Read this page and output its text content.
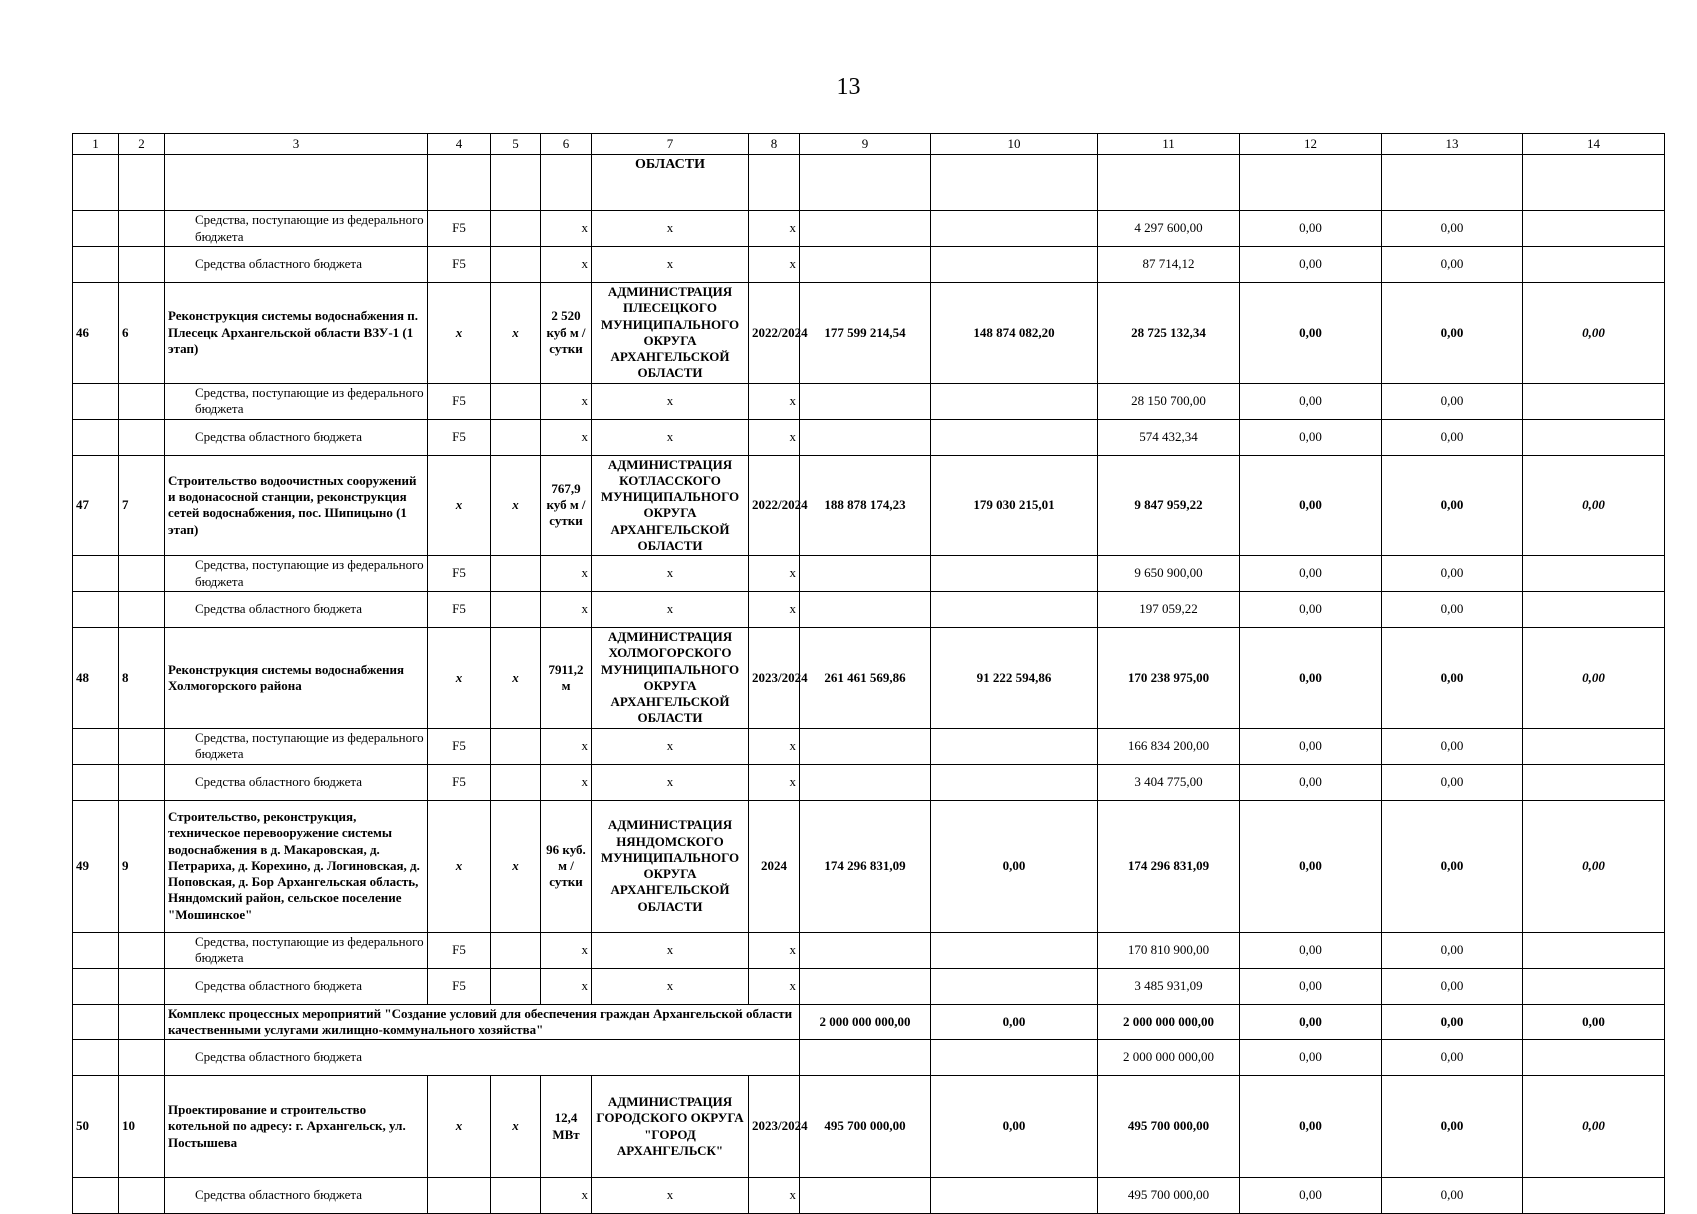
13
1	2	3	4	5	6	7	8	9	10	11	12	13	14
						ОБЛАСТИ							
		Средства, поступающие из федерального бюджета	F5		x	x	x			4 297 600,00	0,00	0,00	
		Средства областного бюджета	F5		x	x	x			87 714,12	0,00	0,00	
46	6	Реконструкция системы водоснабжения п. Плесецк Архангельской области ВЗУ-1 (1 этап)	x	x	2 520 куб м / сутки	АДМИНИСТРАЦИЯ ПЛЕСЕЦКОГО МУНИЦИПАЛЬНОГО ОКРУГА АРХАНГЕЛЬСКОЙ ОБЛАСТИ	2022/2024	177 599 214,54	148 874 082,20	28 725 132,34	0,00	0,00	0,00
		Средства, поступающие из федерального бюджета	F5		x	x	x			28 150 700,00	0,00	0,00	
		Средства областного бюджета	F5		x	x	x			574 432,34	0,00	0,00	
47	7	Строительство водоочистных сооружений и водонасосной станции, реконструкция сетей водоснабжения, пос. Шипицыно (1 этап)	x	x	767,9 куб м / сутки	АДМИНИСТРАЦИЯ КОТЛАССКОГО МУНИЦИПАЛЬНОГО ОКРУГА АРХАНГЕЛЬСКОЙ ОБЛАСТИ	2022/2024	188 878 174,23	179 030 215,01	9 847 959,22	0,00	0,00	0,00
		Средства, поступающие из федерального бюджета	F5		x	x	x			9 650 900,00	0,00	0,00	
		Средства областного бюджета	F5		x	x	x			197 059,22	0,00	0,00	
48	8	Реконструкция системы водоснабжения Холмогорского района	x	x	7911,2 м	АДМИНИСТРАЦИЯ ХОЛМОГОРСКОГО МУНИЦИПАЛЬНОГО ОКРУГА АРХАНГЕЛЬСКОЙ ОБЛАСТИ	2023/2024	261 461 569,86	91 222 594,86	170 238 975,00	0,00	0,00	0,00
		Средства, поступающие из федерального бюджета	F5		x	x	x			166 834 200,00	0,00	0,00	
		Средства областного бюджета	F5		x	x	x			3 404 775,00	0,00	0,00	
49	9	Строительство, реконструкция, техническое перевооружение системы водоснабжения в д. Макаровская, д. Петрариха, д. Корехино, д. Логиновская, д. Поповская, д. Бор Архангельская область, Няндомский район, сельское поселение "Мошинское"	x	x	96 куб. м / сутки	АДМИНИСТРАЦИЯ НЯНДОМСКОГО МУНИЦИПАЛЬНОГО ОКРУГА АРХАНГЕЛЬСКОЙ ОБЛАСТИ	2024	174 296 831,09	0,00	174 296 831,09	0,00	0,00	0,00
		Средства, поступающие из федерального бюджета	F5		x	x	x			170 810 900,00	0,00	0,00	
		Средства областного бюджета	F5		x	x	x			3 485 931,09	0,00	0,00	
		Комплекс процессных мероприятий "Создание условий для обеспечения граждан Архангельской области качественными услугами жилищно-коммунального хозяйства"						2 000 000 000,00	0,00	2 000 000 000,00	0,00	0,00	0,00
		Средства областного бюджета								2 000 000 000,00	0,00	0,00	
50	10	Проектирование и строительство котельной по адресу: г. Архангельск, ул. Постышева	x	x	12,4 МВт	АДМИНИСТРАЦИЯ ГОРОДСКОГО ОКРУГА "ГОРОД АРХАНГЕЛЬСК"	2023/2024	495 700 000,00	0,00	495 700 000,00	0,00	0,00	0,00
		Средства областного бюджета			x	x	x			495 700 000,00	0,00	0,00	
